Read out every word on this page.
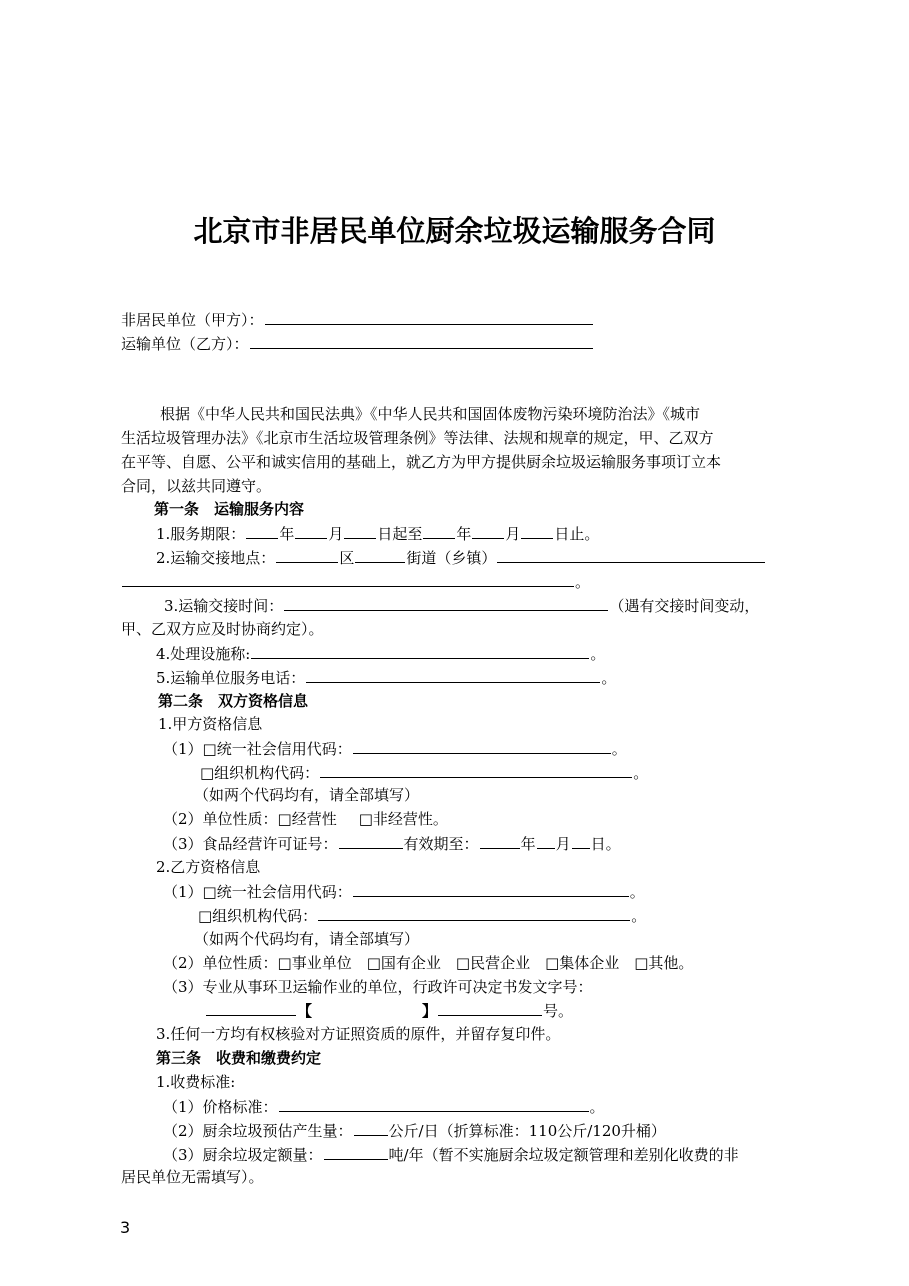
北京市非居民单位厨余垃圾运输服务合同
非居民单位（甲方）：
运输单位（乙方）：
根据《中华人民共和国民法典》《中华人民共和国固体废物污染环境防治法》《城市
生活垃圾管理办法》《北京市生活垃圾管理条例》等法律、法规和规章的规定，甲、乙双方
在平等、自愿、公平和诚实信用的基础上，就乙方为甲方提供厨余垃圾运输服务事项订立本
合同，以兹共同遵守。
第一条　运输服务内容
1.服务期限： 年 月 日起至 年 月 日止。
2.运输交接地点：	区	街道（乡镇）
。
3.运输交接时间：	（遇有交接时间变动，
甲、乙双方应及时协商约定）。
4.处理设施称:	。
5.运输单位服务电话：	。
第二条　双方资格信息
1.甲方资格信息
（1）□统一社会信用代码：	。
□组织机构代码：	。
（如两个代码均有，请全部填写）
（2）单位性质：□经营性 □非经营性。
（3）食品经营许可证号：	有效期至：	年 月 日。
2.乙方资格信息
（1）□统一社会信用代码：	。
□组织机构代码：	。
（如两个代码均有，请全部填写）
（2）单位性质：□事业单位　□国有企业　□民营企业　□集体企业　□其他。
（3）专业从事环卫运输作业的单位，行政许可决定书发文字号：
【	】	号。
3.任何一方均有权核验对方证照资质的原件，并留存复印件。
第三条　收费和缴费约定
1.收费标准:
（1）价格标准：	。
（2）厨余垃圾预估产生量： 公斤/日（折算标准：110公斤/120升桶）
（3）厨余垃圾定额量：	吨/年（暂不实施厨余垃圾定额管理和差别化收费的非
居民单位无需填写）。
3
